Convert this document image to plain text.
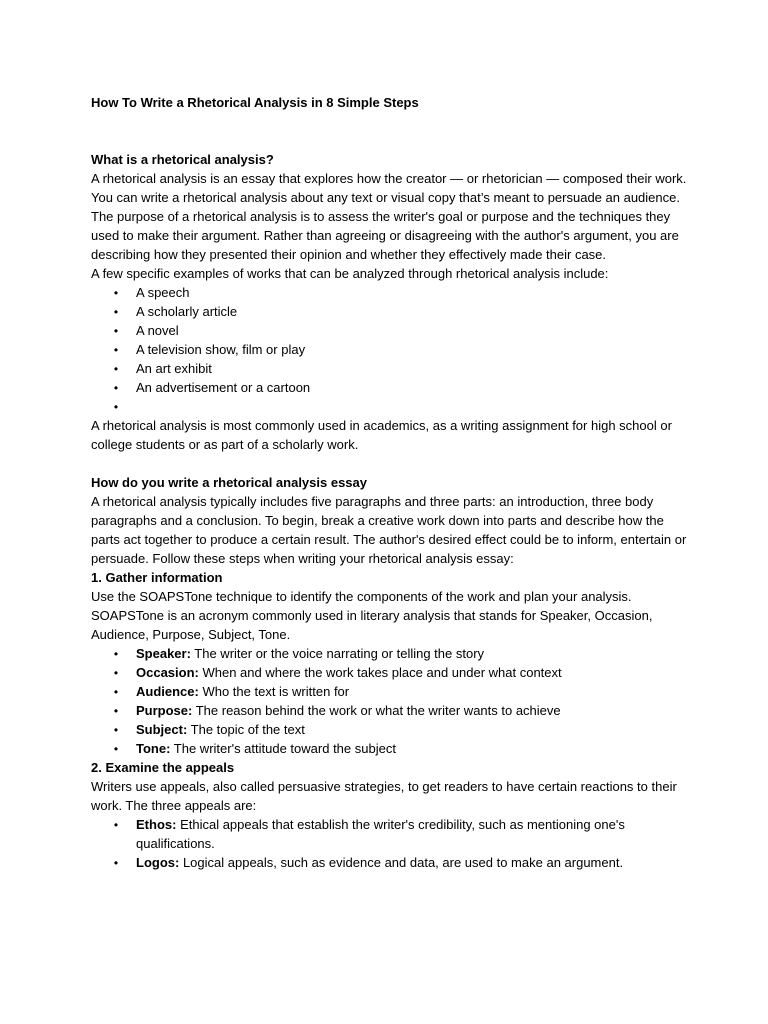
How To Write a Rhetorical Analysis in 8 Simple Steps

What is a rhetorical analysis?

A rhetorical analysis is an essay that explores how the creator — or rhetorician — composed their work. You can write a rhetorical analysis about any text or visual copy that’s meant to persuade an audience. The purpose of a rhetorical analysis is to assess the writer's goal or purpose and the techniques they used to make their argument. Rather than agreeing or disagreeing with the author's argument, you are describing how they presented their opinion and whether they effectively made their case.

A few specific examples of works that can be analyzed through rhetorical analysis include:

•
A speech
•
A scholarly article
•
A novel
•
A television show, film or play
•
An art exhibit
•
An advertisement or a cartoon
•

A rhetorical analysis is most commonly used in academics, as a writing assignment for high school or college students or as part of a scholarly work.

How do you write a rhetorical analysis essay

A rhetorical analysis typically includes five paragraphs and three parts: an introduction, three body paragraphs and a conclusion. To begin, break a creative work down into parts and describe how the parts act together to produce a certain result. The author's desired effect could be to inform, entertain or persuade. Follow these steps when writing your rhetorical analysis essay:

1. Gather information

Use the SOAPSTone technique to identify the components of the work and plan your analysis. SOAPSTone is an acronym commonly used in literary analysis that stands for Speaker, Occasion, Audience, Purpose, Subject, Tone.

•
Speaker: The writer or the voice narrating or telling the story
•
Occasion: When and where the work takes place and under what context
•
Audience: Who the text is written for
•
Purpose: The reason behind the work or what the writer wants to achieve
•
Subject: The topic of the text
•
Tone: The writer's attitude toward the subject

2. Examine the appeals

Writers use appeals, also called persuasive strategies, to get readers to have certain reactions to their work. The three appeals are:

•
Ethos: Ethical appeals that establish the writer's credibility, such as mentioning one's qualifications.
•
Logos: Logical appeals, such as evidence and data, are used to make an argument.
